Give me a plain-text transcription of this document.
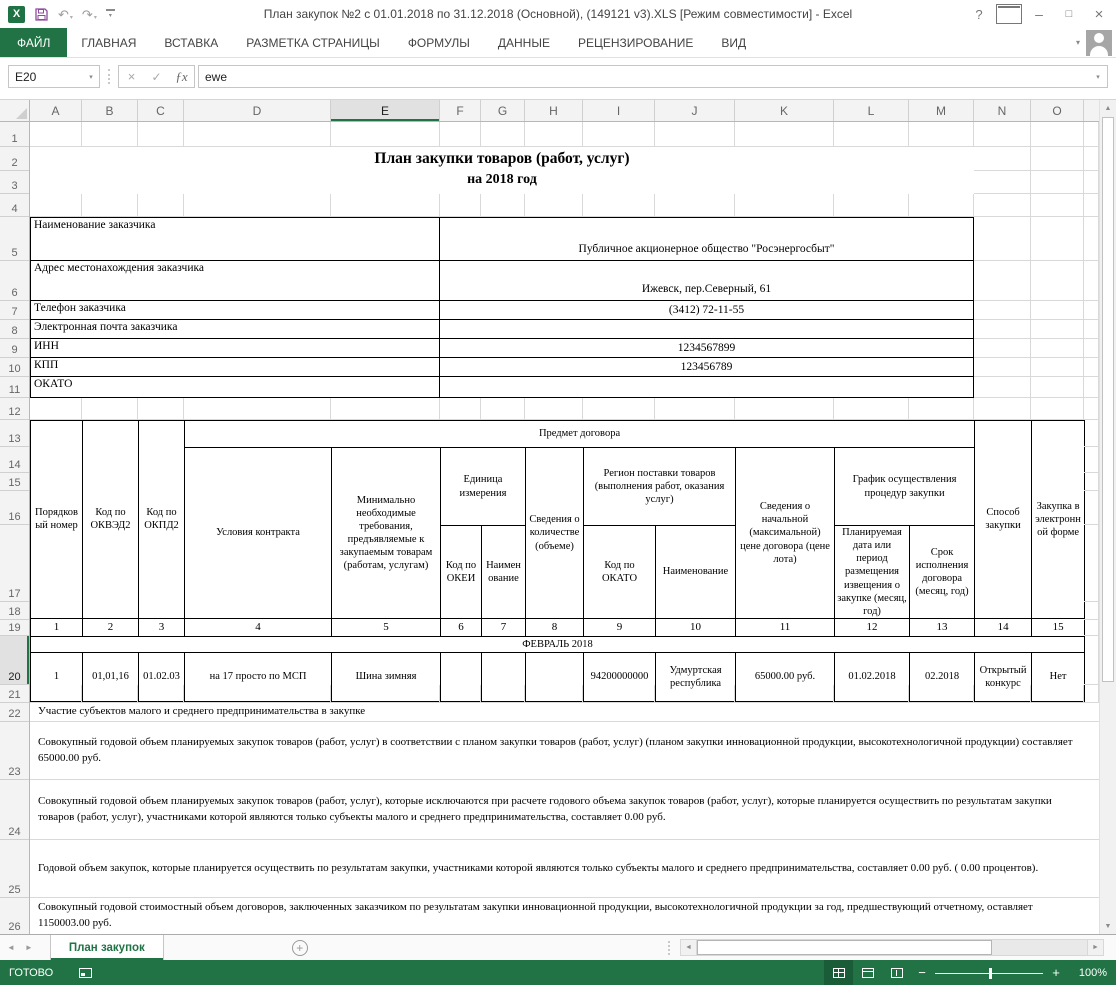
X	↶ ▾ ↷ ▾	▾	План закупок №2 с 01.01.2018 по 31.12.2018 (Основной), (149121 v3).XLS [Режим совместимости] - Excel	?	–	□	×
ФАЙЛ	ГЛАВНАЯ	ВСТАВКА	РАЗМЕТКА СТРАНИЦЫ	ФОРМУЛЫ	ДАННЫЕ	РЕЦЕНЗИРОВАНИЕ	ВИД	▾
E20	▾	×	✓	ƒx	ewe	▾
A	B	C	D	E	F	G	H	I	J	K	L	M	N	O
1
2
3
4
5
6
7
8
9
10
11
12
13
14
15
16
17
18
19
20
21
22
23
24
25
26
План закупки товаров (работ, услуг)
на 2018 год
Наименование заказчика
Публичное акционерное общество "Росэнергосбыт"
Адрес местонахождения заказчика
Ижевск, пер.Северный, 61
Телефон заказчика	(3412) 72-11-55
Электронная почта заказчика
ИНН	1234567899
КПП	123456789
ОКАТО
Порядковый номер	Код по ОКВЭД2	Код по ОКПД2	Предмет договора										Способ закупки	Закупка в электронной форме
			Условия контракта	Минимально необходимые требования, предъявляемые к закупаемым товарам (работам, услугам)	Единица измерения		Сведения о количестве (объеме)	Регион поставки товаров (выполнения работ, оказания услуг)		Сведения о начальной (максимальной) цене договора (цене лота)	График осуществления процедур закупки			
					Код по ОКЕИ	Наименование		Код по ОКАТО	Наименование		Планируемая дата или период размещения извещения о закупке (месяц, год)	Срок исполнения договора (месяц, год)		
1	2	3	4	5	6	7	8	9	10	11	12	13	14	15
ФЕВРАЛЬ 2018														
1	01,01,16	01.02.03	на 17 просто по МСП	Шина зимняя				94200000000	Удмуртская республика	65000.00 руб.	01.02.2018	02.2018	Открытый конкурс	Нет
Участие субъектов малого и среднего предпринимательства в закупке
Совокупный годовой объем планируемых закупок товаров (работ, услуг) в соответствии с планом закупки товаров (работ, услуг) (планом закупки инновационной продукции, высокотехнологичной продукции) составляет 65000.00 руб.
Совокупный годовой объем планируемых закупок товаров (работ, услуг), которые исключаются при расчете годового объема закупок товаров (работ, услуг), которые планируется осуществить по результатам закупки товаров (работ, услуг), участниками которой являются только субъекты малого и среднего предпринимательства, составляет 0.00 руб.
Годовой объем закупок, которые планируется осуществить по результатам закупки, участниками которой являются только субъекты малого и среднего предпринимательства, составляет 0.00 руб. ( 0.00 процентов).
Совокупный годовой стоимостный объем договоров, заключенных заказчиком по результатам закупки инновационной продукции, высокотехнологичной продукции за год, предшествующий отчетному, оставляет 1150003.00 руб.
▲
▼
◄ ►	План закупок	+	◄	►
ГОТОВО	−	+	100%
